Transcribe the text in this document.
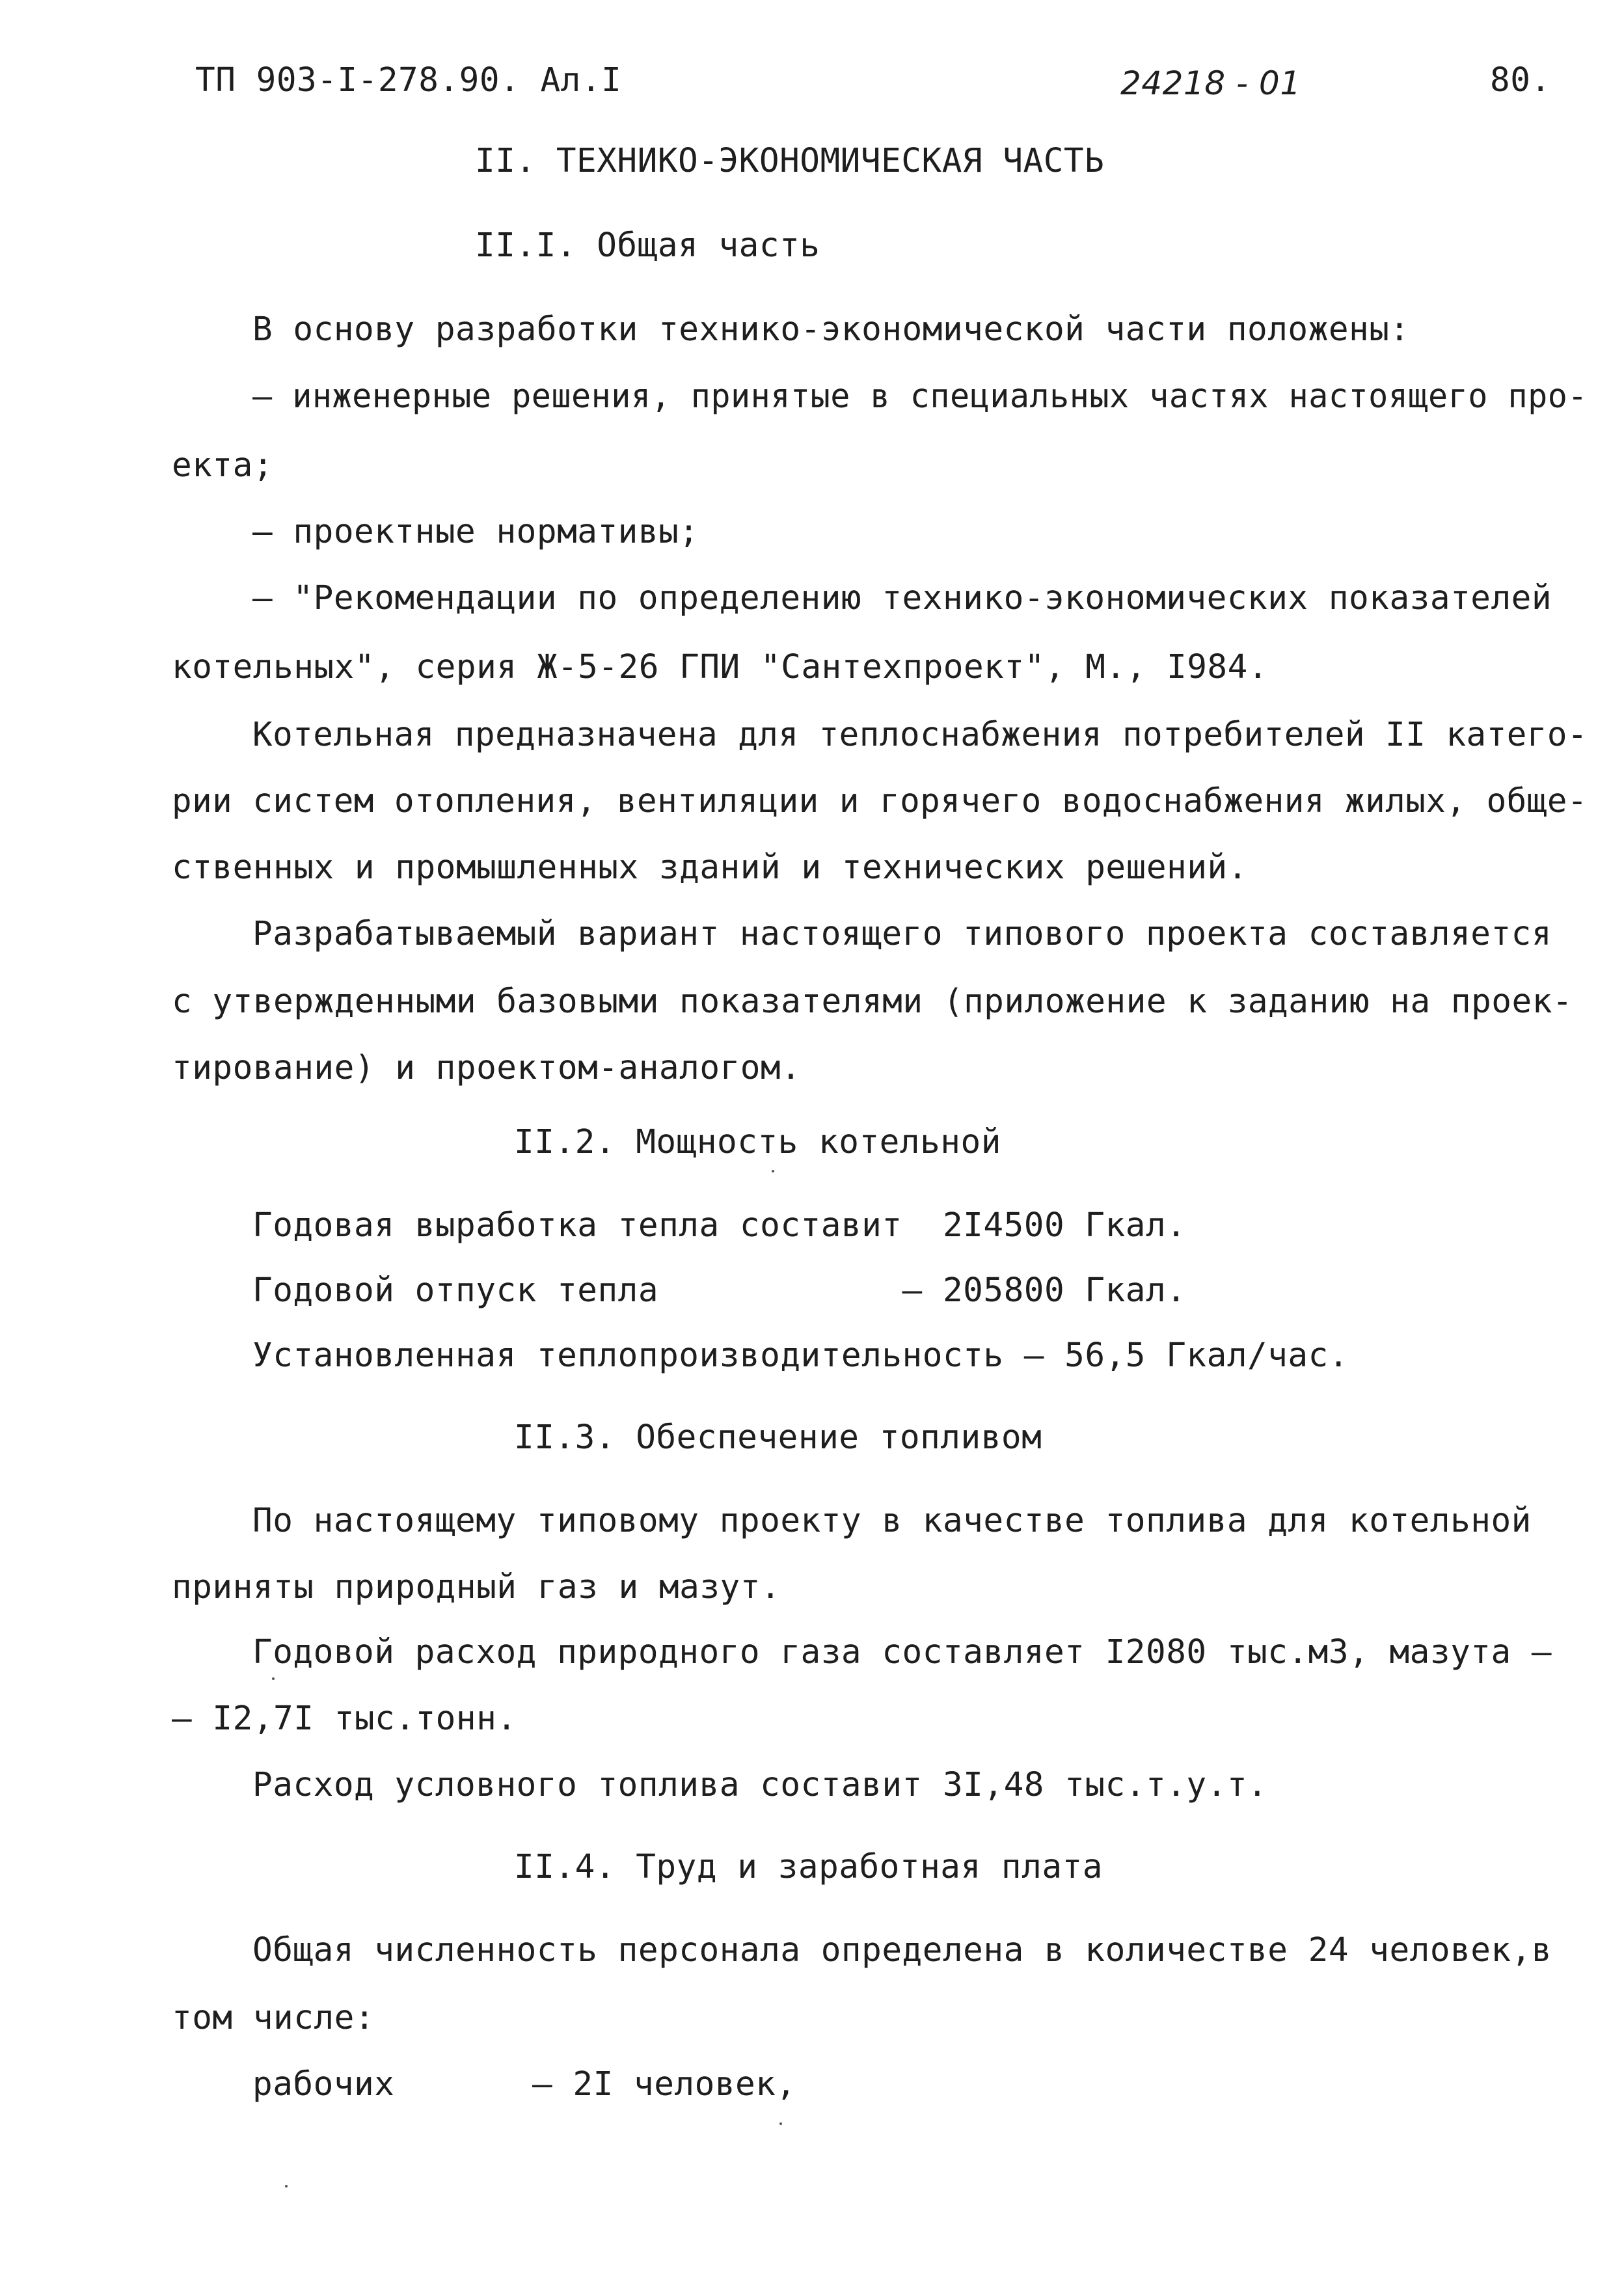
ТП 903-I-278.90. Ал.I	24218 - 01	80.
II. ТЕХНИКО-ЭКОНОМИЧЕСКАЯ ЧАСТЬ
II.I. Общая часть
В основу разработки технико-экономической части положены:
– инженерные решения, принятые в специальных частях настоящего про-
екта;
– проектные нормативы;
– "Рекомендации по определению технико-экономических показателей
котельных", серия Ж-5-26 ГПИ "Сантехпроект", М., I984.
Котельная предназначена для теплоснабжения потребителей II катего-
рии систем отопления, вентиляции и горячего водоснабжения жилых, обще-
ственных и промышленных зданий и технических решений.
Разрабатываемый вариант настоящего типового проекта составляется
с утвержденными базовыми показателями (приложение к заданию на проек-
тирование) и проектом-аналогом.
II.2. Мощность котельной
Годовая выработка тепла составит  2I4500 Гкал.
Годовой отпуск тепла            – 205800 Гкал.
Установленная теплопроизводительность – 56,5 Гкал/час.
II.3. Обеспечение топливом
По настоящему типовому проекту в качестве топлива для котельной
приняты природный газ и мазут.
Годовой расход природного газа составляет I2080 тыс.м3, мазута –
– I2,7I тыс.тонн.
Расход условного топлива составит 3I,48 тыс.т.у.т.
II.4. Труд и заработная плата
Общая численность персонала определена в количестве 24 человек,в
том числе:
рабочих	– 2I человек,
